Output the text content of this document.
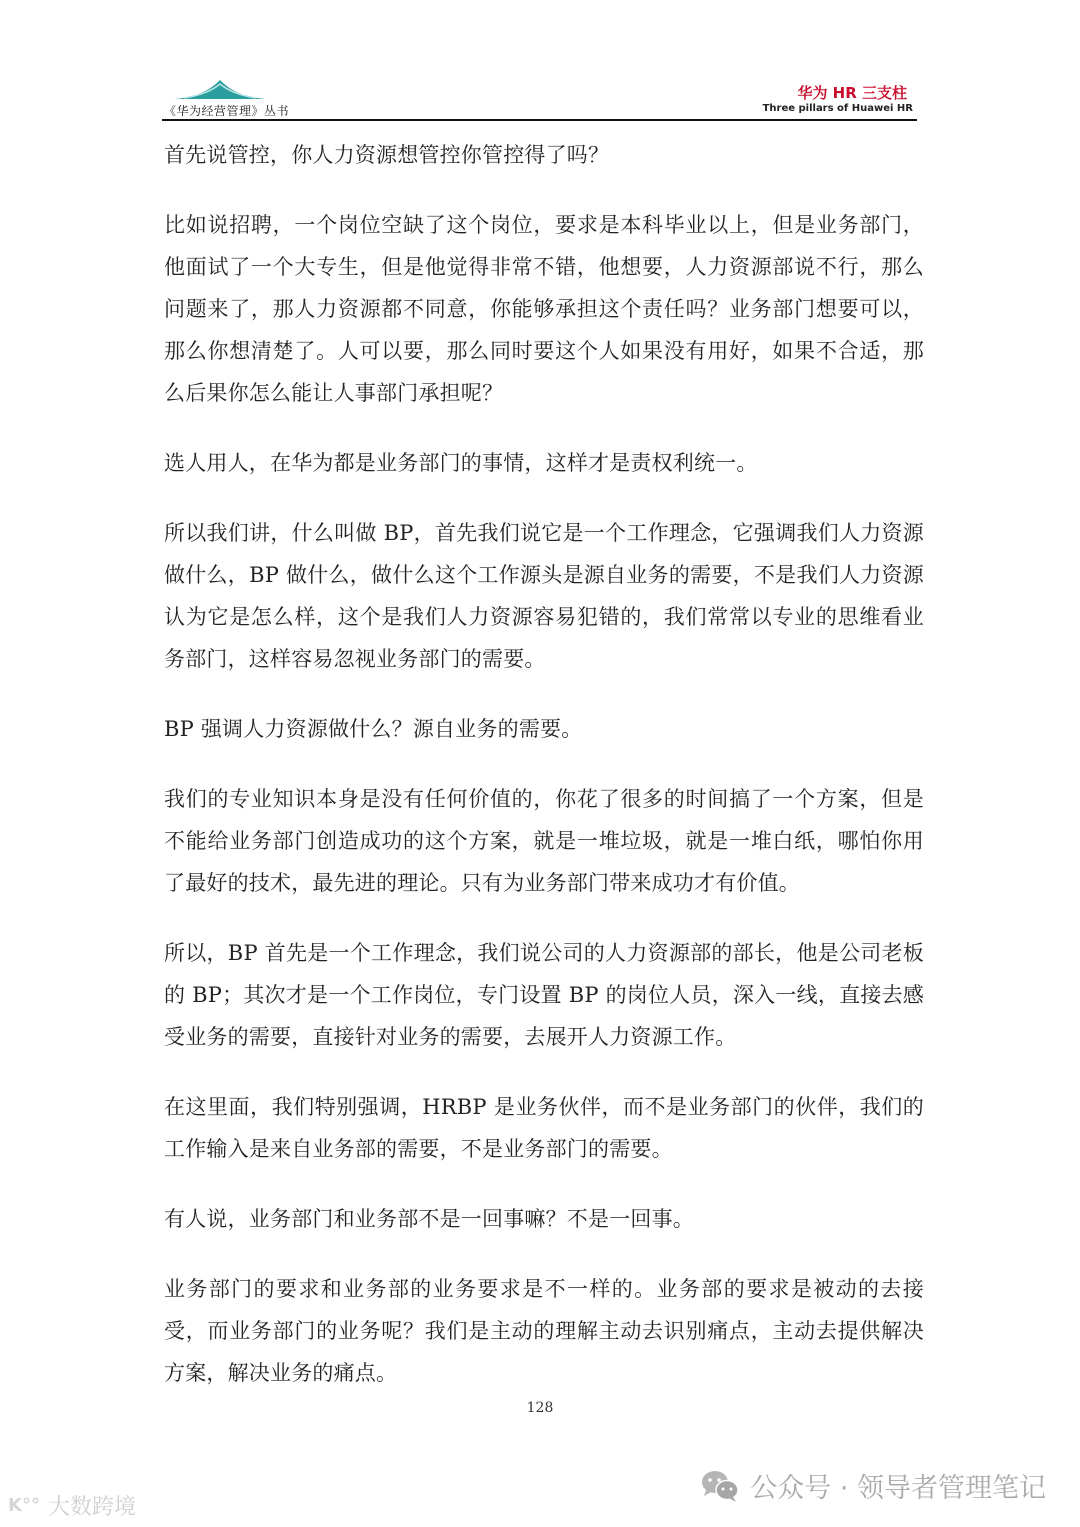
《华为经营管理》丛书
华为 HR 三支柱
Three pillars of Huawei HR

首先说管控，你人力资源想管控你管控得了吗？

比如说招聘，一个岗位空缺了这个岗位，要求是本科毕业以上，但是业务部门，他面试了一个大专生，但是他觉得非常不错，他想要，人力资源部说不行，那么问题来了，那人力资源都不同意，你能够承担这个责任吗？业务部门想要可以，那么你想清楚了。人可以要，那么同时要这个人如果没有用好，如果不合适，那么后果你怎么能让人事部门承担呢？

选人用人，在华为都是业务部门的事情，这样才是责权利统一。

所以我们讲，什么叫做 BP，首先我们说它是一个工作理念，它强调我们人力资源做什么，BP 做什么，做什么这个工作源头是源自业务的需要，不是我们人力资源认为它是怎么样，这个是我们人力资源容易犯错的，我们常常以专业的思维看业务部门，这样容易忽视业务部门的需要。

BP 强调人力资源做什么？源自业务的需要。

我们的专业知识本身是没有任何价值的，你花了很多的时间搞了一个方案，但是不能给业务部门创造成功的这个方案，就是一堆垃圾，就是一堆白纸，哪怕你用了最好的技术，最先进的理论。只有为业务部门带来成功才有价值。

所以，BP 首先是一个工作理念，我们说公司的人力资源部的部长，他是公司老板的 BP；其次才是一个工作岗位，专门设置 BP 的岗位人员，深入一线，直接去感受业务的需要，直接针对业务的需要，去展开人力资源工作。

在这里面，我们特别强调，HRBP 是业务伙伴，而不是业务部门的伙伴，我们的工作输入是来自业务部的需要，不是业务部门的需要。

有人说，业务部门和业务部不是一回事嘛？不是一回事。

业务部门的要求和业务部的业务要求是不一样的。业务部的要求是被动的去接受，而业务部门的业务呢？我们是主动的理解主动去识别痛点，主动去提供解决方案，解决业务的痛点。

128
K°° 大数跨境
公众号 · 领导者管理笔记
